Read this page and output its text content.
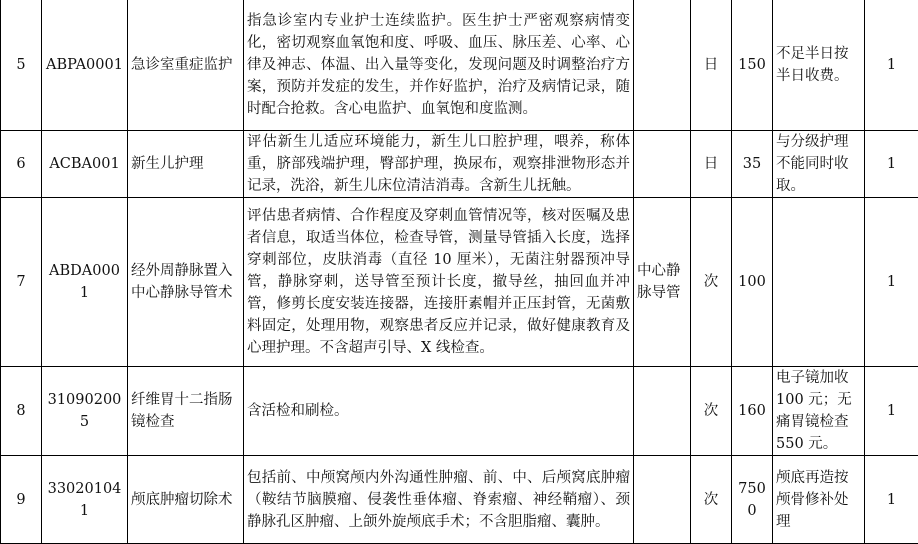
5	ABPA0001	急诊室重症监护	指急诊室内专业护士连续监护。医生护士严密观察病情变化，密切观察血氧饱和度、呼吸、血压、脉压差、心率、心律及神志、体温、出入量等变化，发现问题及时调整治疗方案，预防并发症的发生，并作好监护，治疗及病情记录，随时配合抢救。含心电监护、血氧饱和度监测。		日	150	不足半日按半日收费。	1
6	ACBA001	新生儿护理	评估新生儿适应环境能力，新生儿口腔护理，喂养，称体重，脐部残端护理，臀部护理，换尿布，观察排泄物形态并记录，洗浴，新生儿床位清洁消毒。含新生儿抚触。		日	35	与分级护理不能同时收取。	1
7	ABDA0001	经外周静脉置入中心静脉导管术	评估患者病情、合作程度及穿刺血管情况等，核对医嘱及患者信息，取适当体位，检查导管，测量导管插入长度，选择穿刺部位，皮肤消毒（直径 10 厘米），无菌注射器预冲导管，静脉穿刺，送导管至预计长度，撤导丝，抽回血并冲管，修剪长度安装连接器，连接肝素帽并正压封管，无菌敷料固定，处理用物，观察患者反应并记录，做好健康教育及心理护理。不含超声引导、X 线检查。	中心静脉导管	次	100		1
8	310902005	纤维胃十二指肠镜检查	含活检和刷检。		次	160	电子镜加收 100 元；无痛胃镜检查 550 元。	1
9	330201041	颅底肿瘤切除术	包括前、中颅窝颅内外沟通性肿瘤、前、中、后颅窝底肿瘤（鞍结节脑膜瘤、侵袭性垂体瘤、脊索瘤、神经鞘瘤）、颈静脉孔区肿瘤、上颌外旋颅底手术；不含胆脂瘤、囊肿。		次	7500	颅底再造按颅骨修补处理	1
